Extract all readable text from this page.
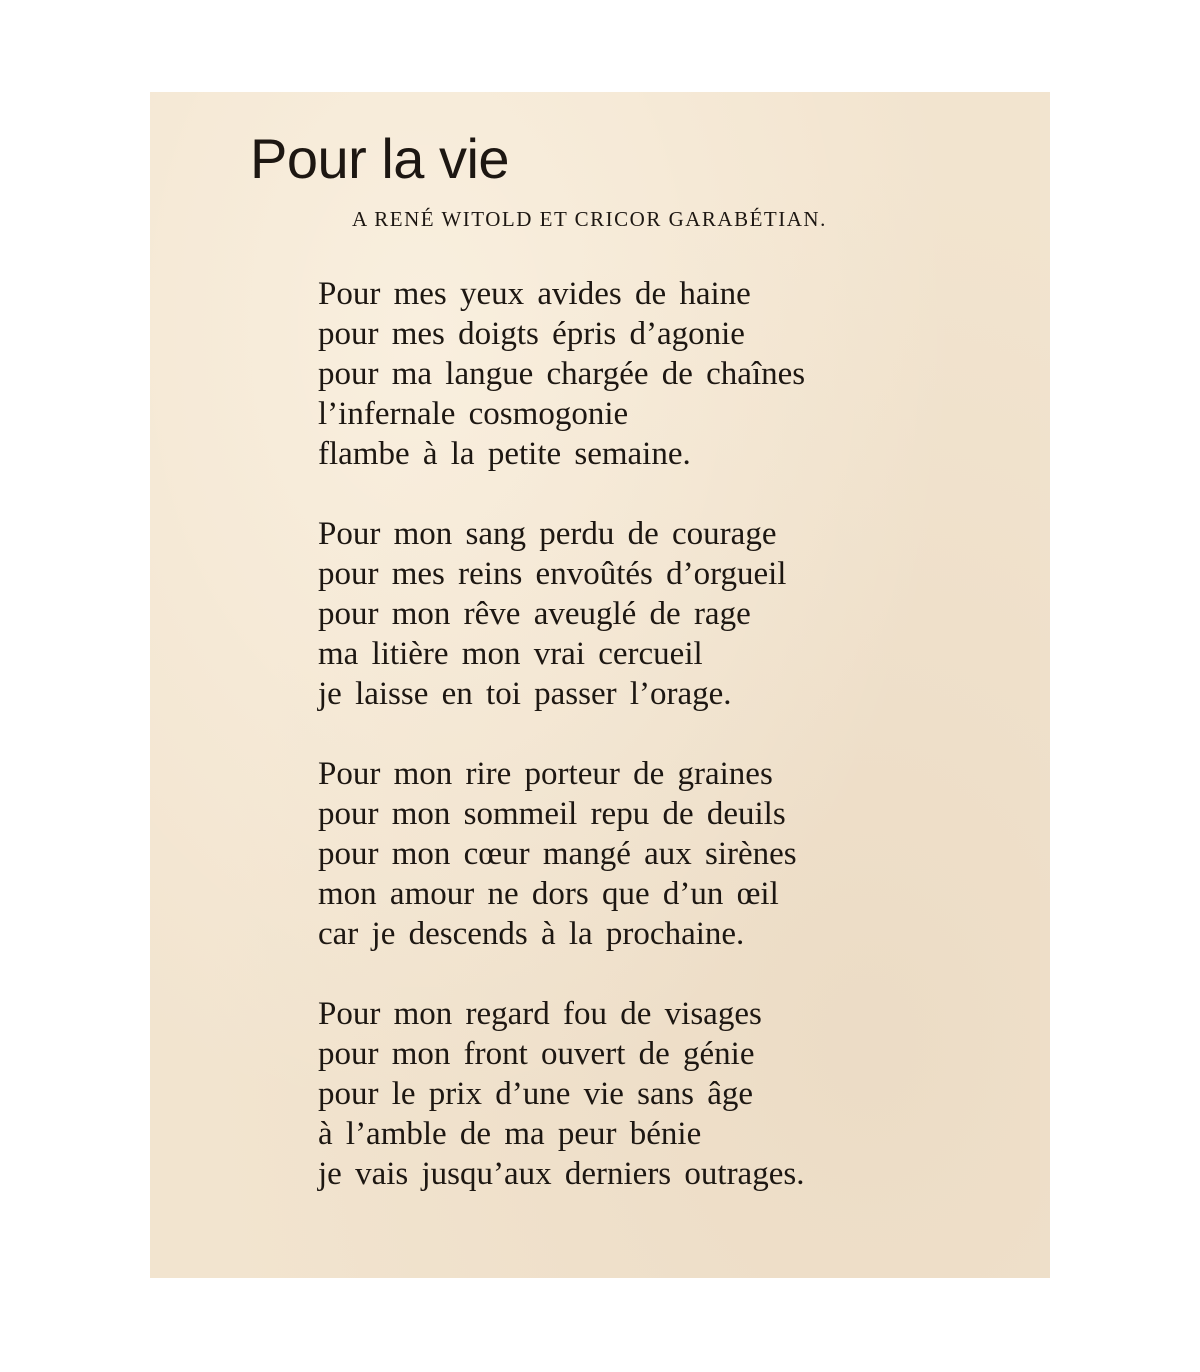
Pour la vie

A RENÉ WITOLD ET CRICOR GARABÉTIAN.

Pour mes yeux avides de haine
pour mes doigts épris d’agonie
pour ma langue chargée de chaînes
l’infernale cosmogonie
flambe à la petite semaine.

Pour mon sang perdu de courage
pour mes reins envoûtés d’orgueil
pour mon rêve aveuglé de rage
ma litière mon vrai cercueil
je laisse en toi passer l’orage.

Pour mon rire porteur de graines
pour mon sommeil repu de deuils
pour mon cœur mangé aux sirènes
mon amour ne dors que d’un œil
car je descends à la prochaine.

Pour mon regard fou de visages
pour mon front ouvert de génie
pour le prix d’une vie sans âge
à l’amble de ma peur bénie
je vais jusqu’aux derniers outrages.
